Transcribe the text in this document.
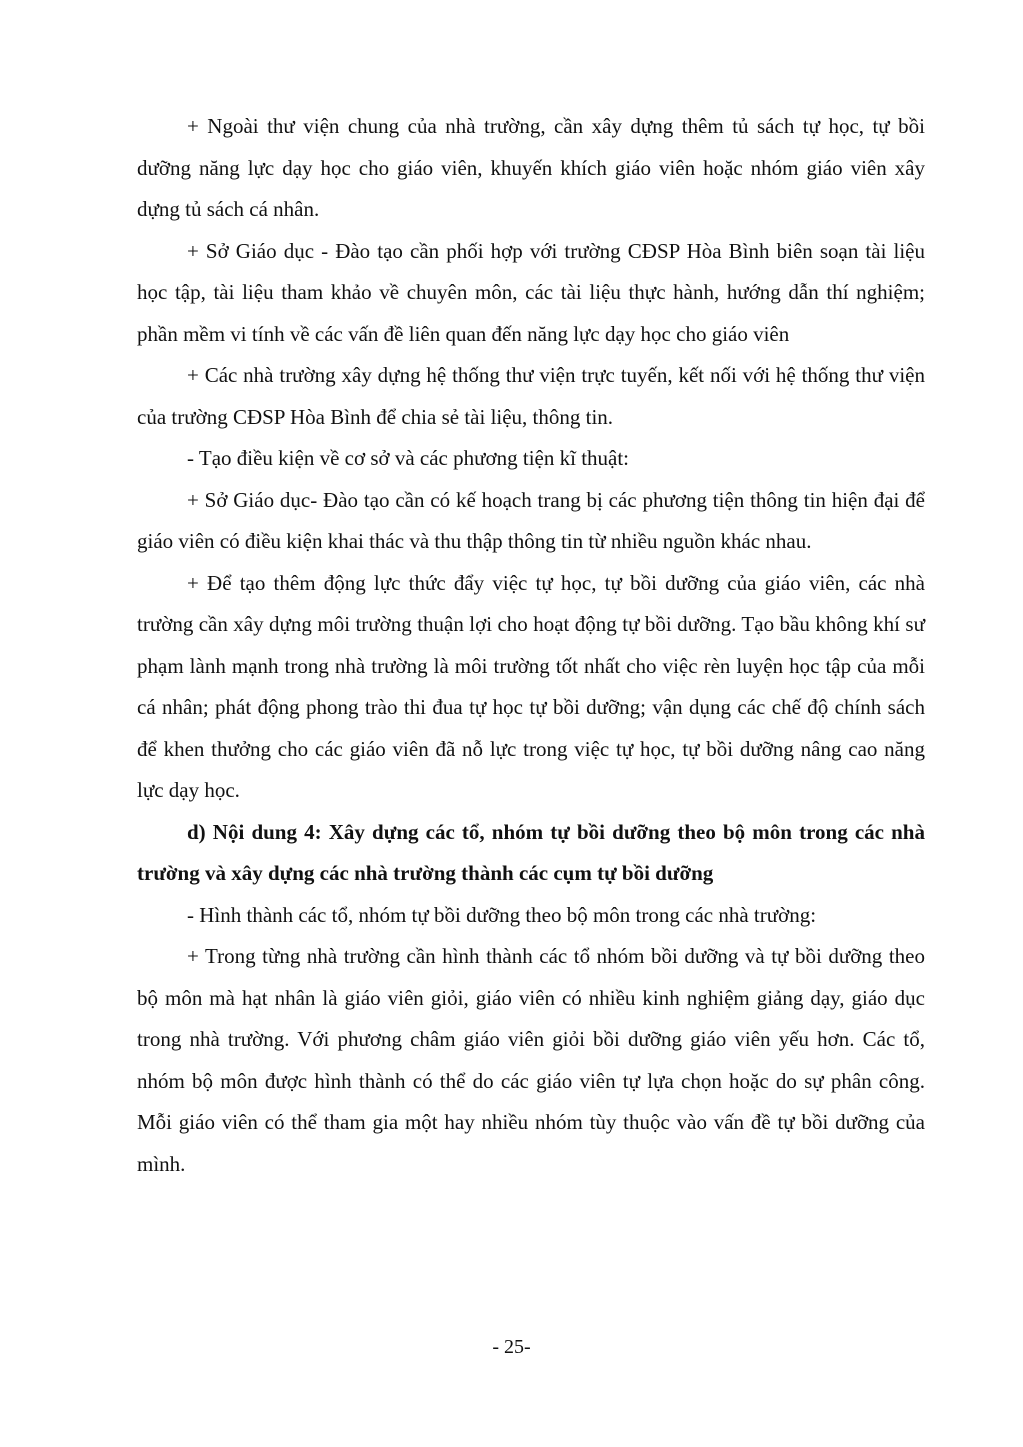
+ Ngoài thư viện chung của nhà trường, cần xây dựng thêm tủ sách tự học, tự bồi dưỡng năng lực dạy học cho giáo viên, khuyến khích giáo viên hoặc nhóm giáo viên xây dựng tủ sách cá nhân.

+ Sở Giáo dục - Đào tạo cần phối hợp với trường CĐSP Hòa Bình biên soạn tài liệu học tập, tài liệu tham khảo về chuyên môn, các tài liệu thực hành, hướng dẫn thí nghiệm; phần mềm vi tính về các vấn đề liên quan đến năng lực dạy học cho giáo viên

+ Các nhà trường xây dựng hệ thống thư viện trực tuyến, kết nối với hệ thống thư viện của trường CĐSP Hòa Bình để chia sẻ tài liệu, thông tin.

- Tạo điều kiện về cơ sở và các phương tiện kĩ thuật:

+ Sở Giáo dục- Đào tạo cần có kế hoạch trang bị các phương tiện thông tin hiện đại để giáo viên có điều kiện khai thác và thu thập thông tin từ nhiều nguồn khác nhau.

+ Để tạo thêm động lực thức đẩy việc tự học, tự bồi dưỡng của giáo viên, các nhà trường cần xây dựng môi trường thuận lợi cho hoạt động tự bồi dưỡng. Tạo bầu không khí sư phạm lành mạnh trong nhà trường là môi trường tốt nhất cho việc rèn luyện học tập của mỗi cá nhân; phát động phong trào thi đua tự học tự bồi dưỡng; vận dụng các chế độ chính sách để khen thưởng cho các giáo viên đã nỗ lực trong việc tự học, tự bồi dưỡng nâng cao năng lực dạy học.

d) Nội dung 4: Xây dựng các tổ, nhóm tự bồi dưỡng theo bộ môn trong các nhà trường và xây dựng các nhà trường thành các cụm tự bồi dưỡng

- Hình thành các tổ, nhóm tự bồi dưỡng theo bộ môn trong các nhà trường:

+ Trong từng nhà trường cần hình thành các tổ nhóm bồi dưỡng và tự bồi dưỡng theo bộ môn mà hạt nhân là giáo viên giỏi, giáo viên có nhiều kinh nghiệm giảng dạy, giáo dục trong nhà trường. Với phương châm giáo viên giỏi bồi dưỡng giáo viên yếu hơn. Các tổ, nhóm bộ môn được hình thành có thể do các giáo viên tự lựa chọn hoặc do sự phân công. Mỗi giáo viên có thể tham gia một hay nhiều nhóm tùy thuộc vào vấn đề tự bồi dưỡng của mình.

- 25-
